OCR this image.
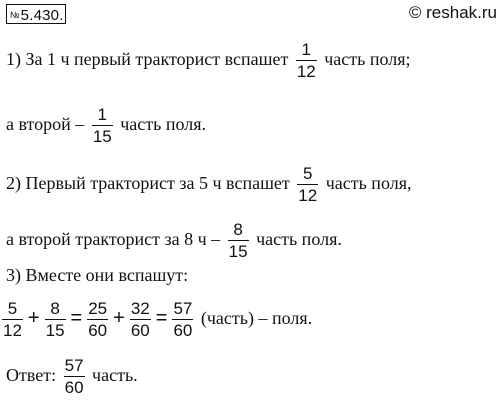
№5.430.	© reshak.ru
1) За 1 ч первый тракторист вспашет $\frac{1}{12}$ часть поля;
а второй – $\frac{1}{15}$ часть поля.
2) Первый тракторист за 5 ч вспашет $\frac{5}{12}$ часть поля,
а второй тракторист за 8 ч – $\frac{8}{15}$ часть поля.
3) Вместе они вспашут:
$\frac{5}{12} + \frac{8}{15} = \frac{25}{60} + \frac{32}{60} = \frac{57}{60}$ (часть) – поля.
Ответ: $\frac{57}{60}$ часть.
